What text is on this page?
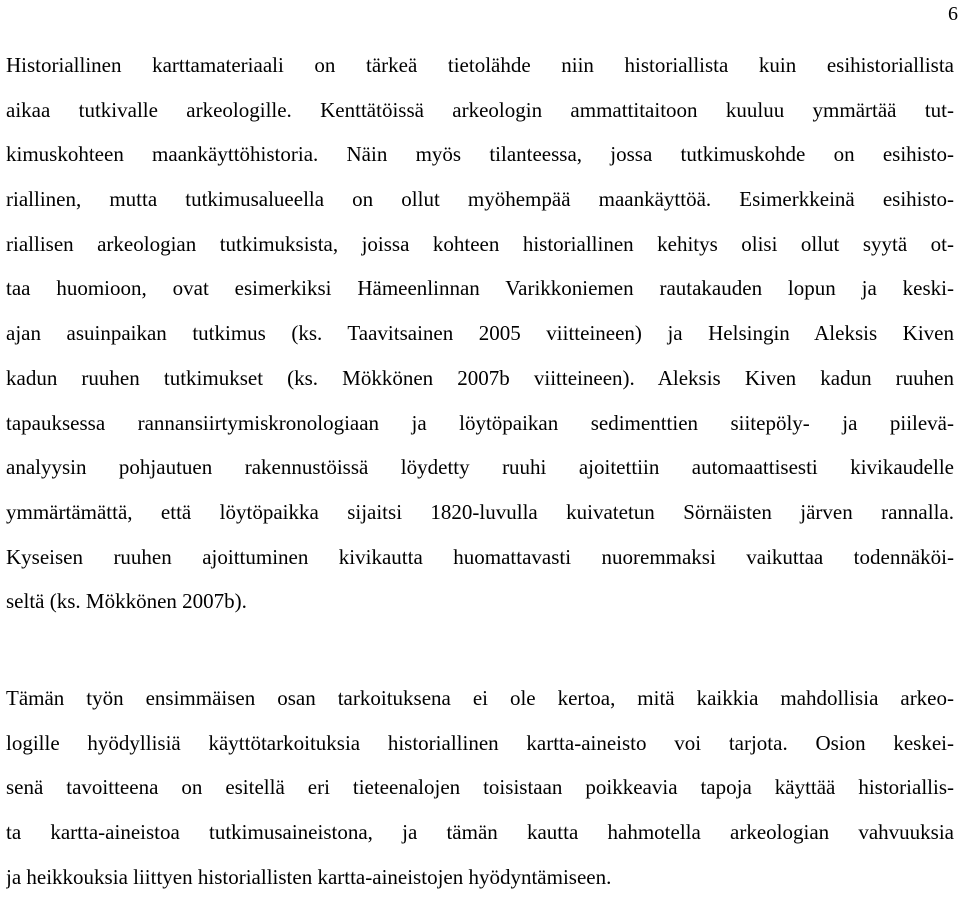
6
Historiallinen karttamateriaali on tärkeä tietolähde niin historiallista kuin esihistoriallista
aikaa tutkivalle arkeologille. Kenttätöissä arkeologin ammattitaitoon kuuluu ymmärtää tut-
kimuskohteen maankäyttöhistoria. Näin myös tilanteessa, jossa tutkimuskohde on esihisto-
riallinen, mutta tutkimusalueella on ollut myöhempää maankäyttöä. Esimerkkeinä esihisto-
riallisen arkeologian tutkimuksista, joissa kohteen historiallinen kehitys olisi ollut syytä ot-
taa huomioon, ovat esimerkiksi Hämeenlinnan Varikkoniemen rautakauden lopun ja keski-
ajan asuinpaikan tutkimus (ks. Taavitsainen 2005 viitteineen) ja Helsingin Aleksis Kiven
kadun ruuhen tutkimukset (ks. Mökkönen 2007b viitteineen). Aleksis Kiven kadun ruuhen
tapauksessa rannansiirtymiskronologiaan ja löytöpaikan sedimenttien siitepöly- ja piilevä-
analyysin pohjautuen rakennustöissä löydetty ruuhi ajoitettiin automaattisesti kivikaudelle
ymmärtämättä, että löytöpaikka sijaitsi 1820-luvulla kuivatetun Sörnäisten järven rannalla.
Kyseisen ruuhen ajoittuminen kivikautta huomattavasti nuoremmaksi vaikuttaa todennäköi-
seltä (ks. Mökkönen 2007b).
Tämän työn ensimmäisen osan tarkoituksena ei ole kertoa, mitä kaikkia mahdollisia arkeo-
logille hyödyllisiä käyttötarkoituksia historiallinen kartta-aineisto voi tarjota. Osion keskei-
senä tavoitteena on esitellä eri tieteenalojen toisistaan poikkeavia tapoja käyttää historiallis-
ta kartta-aineistoa tutkimusaineistona, ja tämän kautta hahmotella arkeologian vahvuuksia
ja heikkouksia liittyen historiallisten kartta-aineistojen hyödyntämiseen.
